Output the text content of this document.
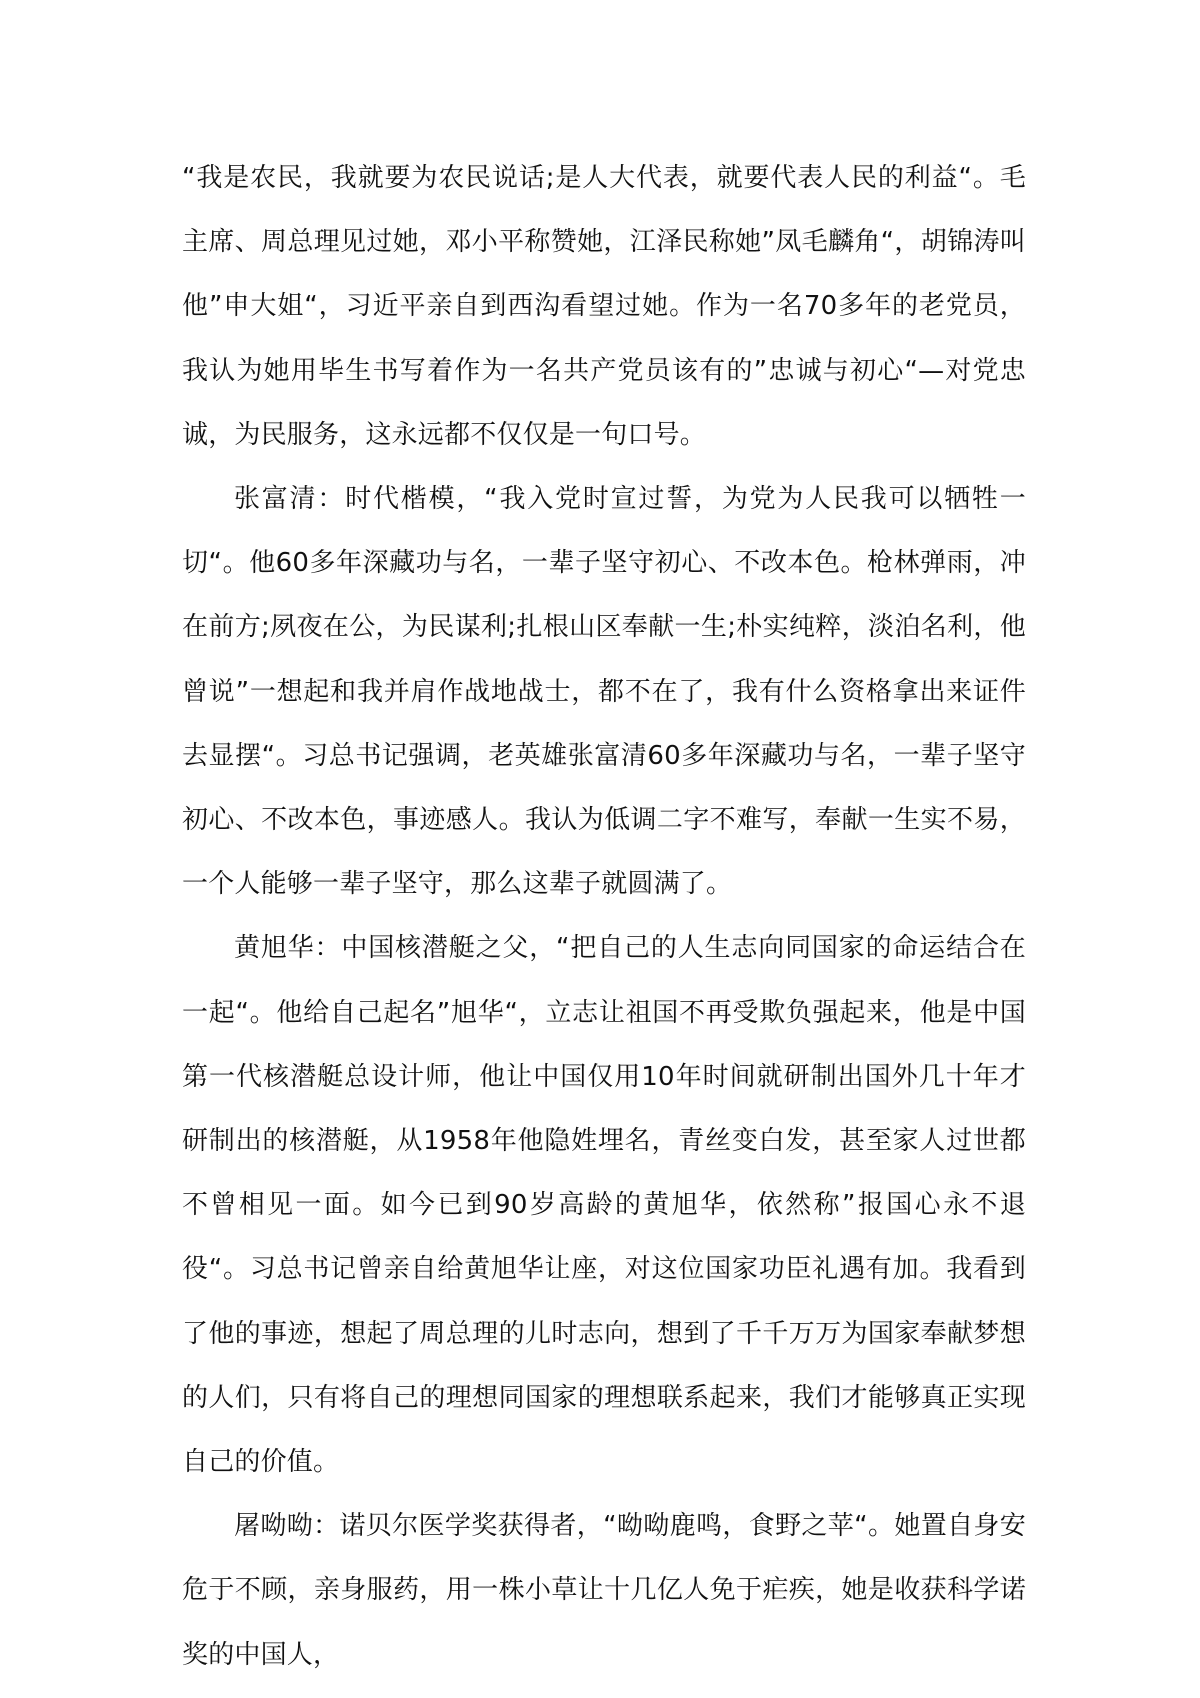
“我是农民，我就要为农民说话;是人大代表，就要代表人民的利益“。毛主席、周总理见过她，邓小平称赞她，江泽民称她”凤毛麟角“，胡锦涛叫他”申大姐“，习近平亲自到西沟看望过她。作为一名70多年的老党员，我认为她用毕生书写着作为一名共产党员该有的”忠诚与初心“—对党忠诚，为民服务，这永远都不仅仅是一句口号。

张富清：时代楷模，“我入党时宣过誓，为党为人民我可以牺牲一切“。他60多年深藏功与名，一辈子坚守初心、不改本色。枪林弹雨，冲在前方;夙夜在公，为民谋利;扎根山区奉献一生;朴实纯粹，淡泊名利，他曾说”一想起和我并肩作战地战士，都不在了，我有什么资格拿出来证件去显摆“。习总书记强调，老英雄张富清60多年深藏功与名，一辈子坚守初心、不改本色，事迹感人。我认为低调二字不难写，奉献一生实不易，一个人能够一辈子坚守，那么这辈子就圆满了。

黄旭华：中国核潜艇之父，“把自己的人生志向同国家的命运结合在一起“。他给自己起名”旭华“，立志让祖国不再受欺负强起来，他是中国第一代核潜艇总设计师，他让中国仅用10年时间就研制出国外几十年才研制出的核潜艇，从1958年他隐姓埋名，青丝变白发，甚至家人过世都不曾相见一面。如今已到90岁高龄的黄旭华，依然称”报国心永不退役“。习总书记曾亲自给黄旭华让座，对这位国家功臣礼遇有加。我看到了他的事迹，想起了周总理的儿时志向，想到了千千万万为国家奉献梦想的人们，只有将自己的理想同国家的理想联系起来，我们才能够真正实现自己的价值。

屠呦呦：诺贝尔医学奖获得者，“呦呦鹿鸣，食野之苹“。她置自身安危于不顾，亲身服药，用一株小草让十几亿人免于疟疾，她是收获科学诺奖的中国人，
